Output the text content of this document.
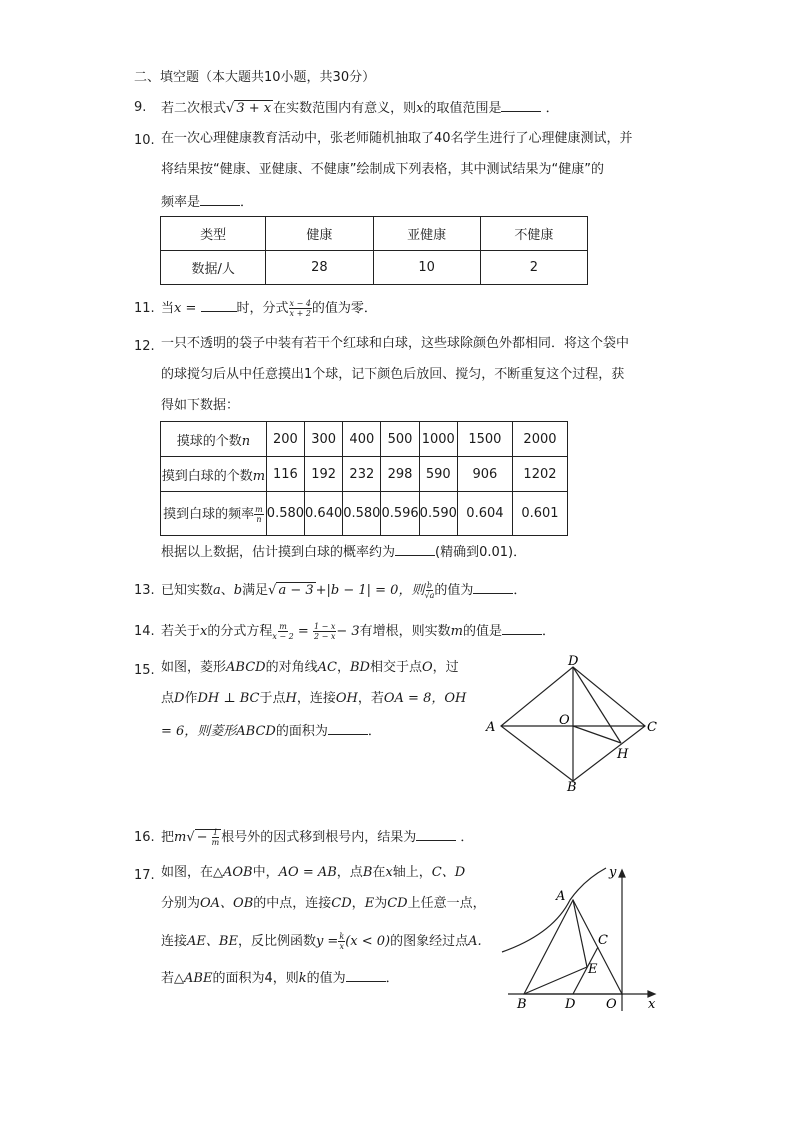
二、填空题（本大题共10小题，共30分）
9. 若二次根式√ 3 + x 在实数范围内有意义，则x的取值范围是	．
10. 在一次心理健康教育活动中，张老师随机抽取了40名学生进行了心理健康测试，并
将结果按“健康、亚健康、不健康”绘制成下列表格，其中测试结果为“健康”的
频率是	．
类型	健康	亚健康	不健康
数据/人	28	10	2
11. 当x =	时，分式 $\frac{x - 4}{x + 2}$ 的值为零．
12. 一只不透明的袋子中装有若干个红球和白球，这些球除颜色外都相同．将这个袋中
的球搅匀后从中任意摸出1个球，记下颜色后放回、搅匀，不断重复这个过程，获
得如下数据：
摸球的个数n	200	300	400	500	1000	1500	2000
摸到白球的个数m	116	192	232	298	590	906	1202
摸到白球的频率 $\frac{m}{n}$	0.580	0.640	0.580	0.596	0.590	0.604	0.601
根据以上数据，估计摸到白球的概率约为	(精确到0.01)．
13. 已知实数a、b满足√ a − 3 +|b − 1| = 0，则 $\frac{b}{√a}$ 的值为	．
14. 若关于x的分式方程 $\frac{m}{x - 2} = \frac{1 - x}{2 - x} - 3$有增根，则实数m的值是	．
15. 如图，菱形ABCD的对角线AC，BD相交于点O，过
点D作DH ⊥ BC于点H，连接OH，若OA = 8，OH
= 6，则菱形ABCD的面积为	．
D
A	O	C
H
B
16. 把$m√ - \frac{1}{m}$ 根号外的因式移到根号内，结果为	．
17. 如图，在△AOB中，AO = AB，点B在x轴上，C、D
分别为OA、OB的中点，连接CD，E为CD上任意一点，
连接AE、BE，反比例函数$y = \frac{k}{x} (x < 0)$的图象经过点A.
若△ABE的面积为4，则k的值为	．
y
A
C
E
B	D O x
